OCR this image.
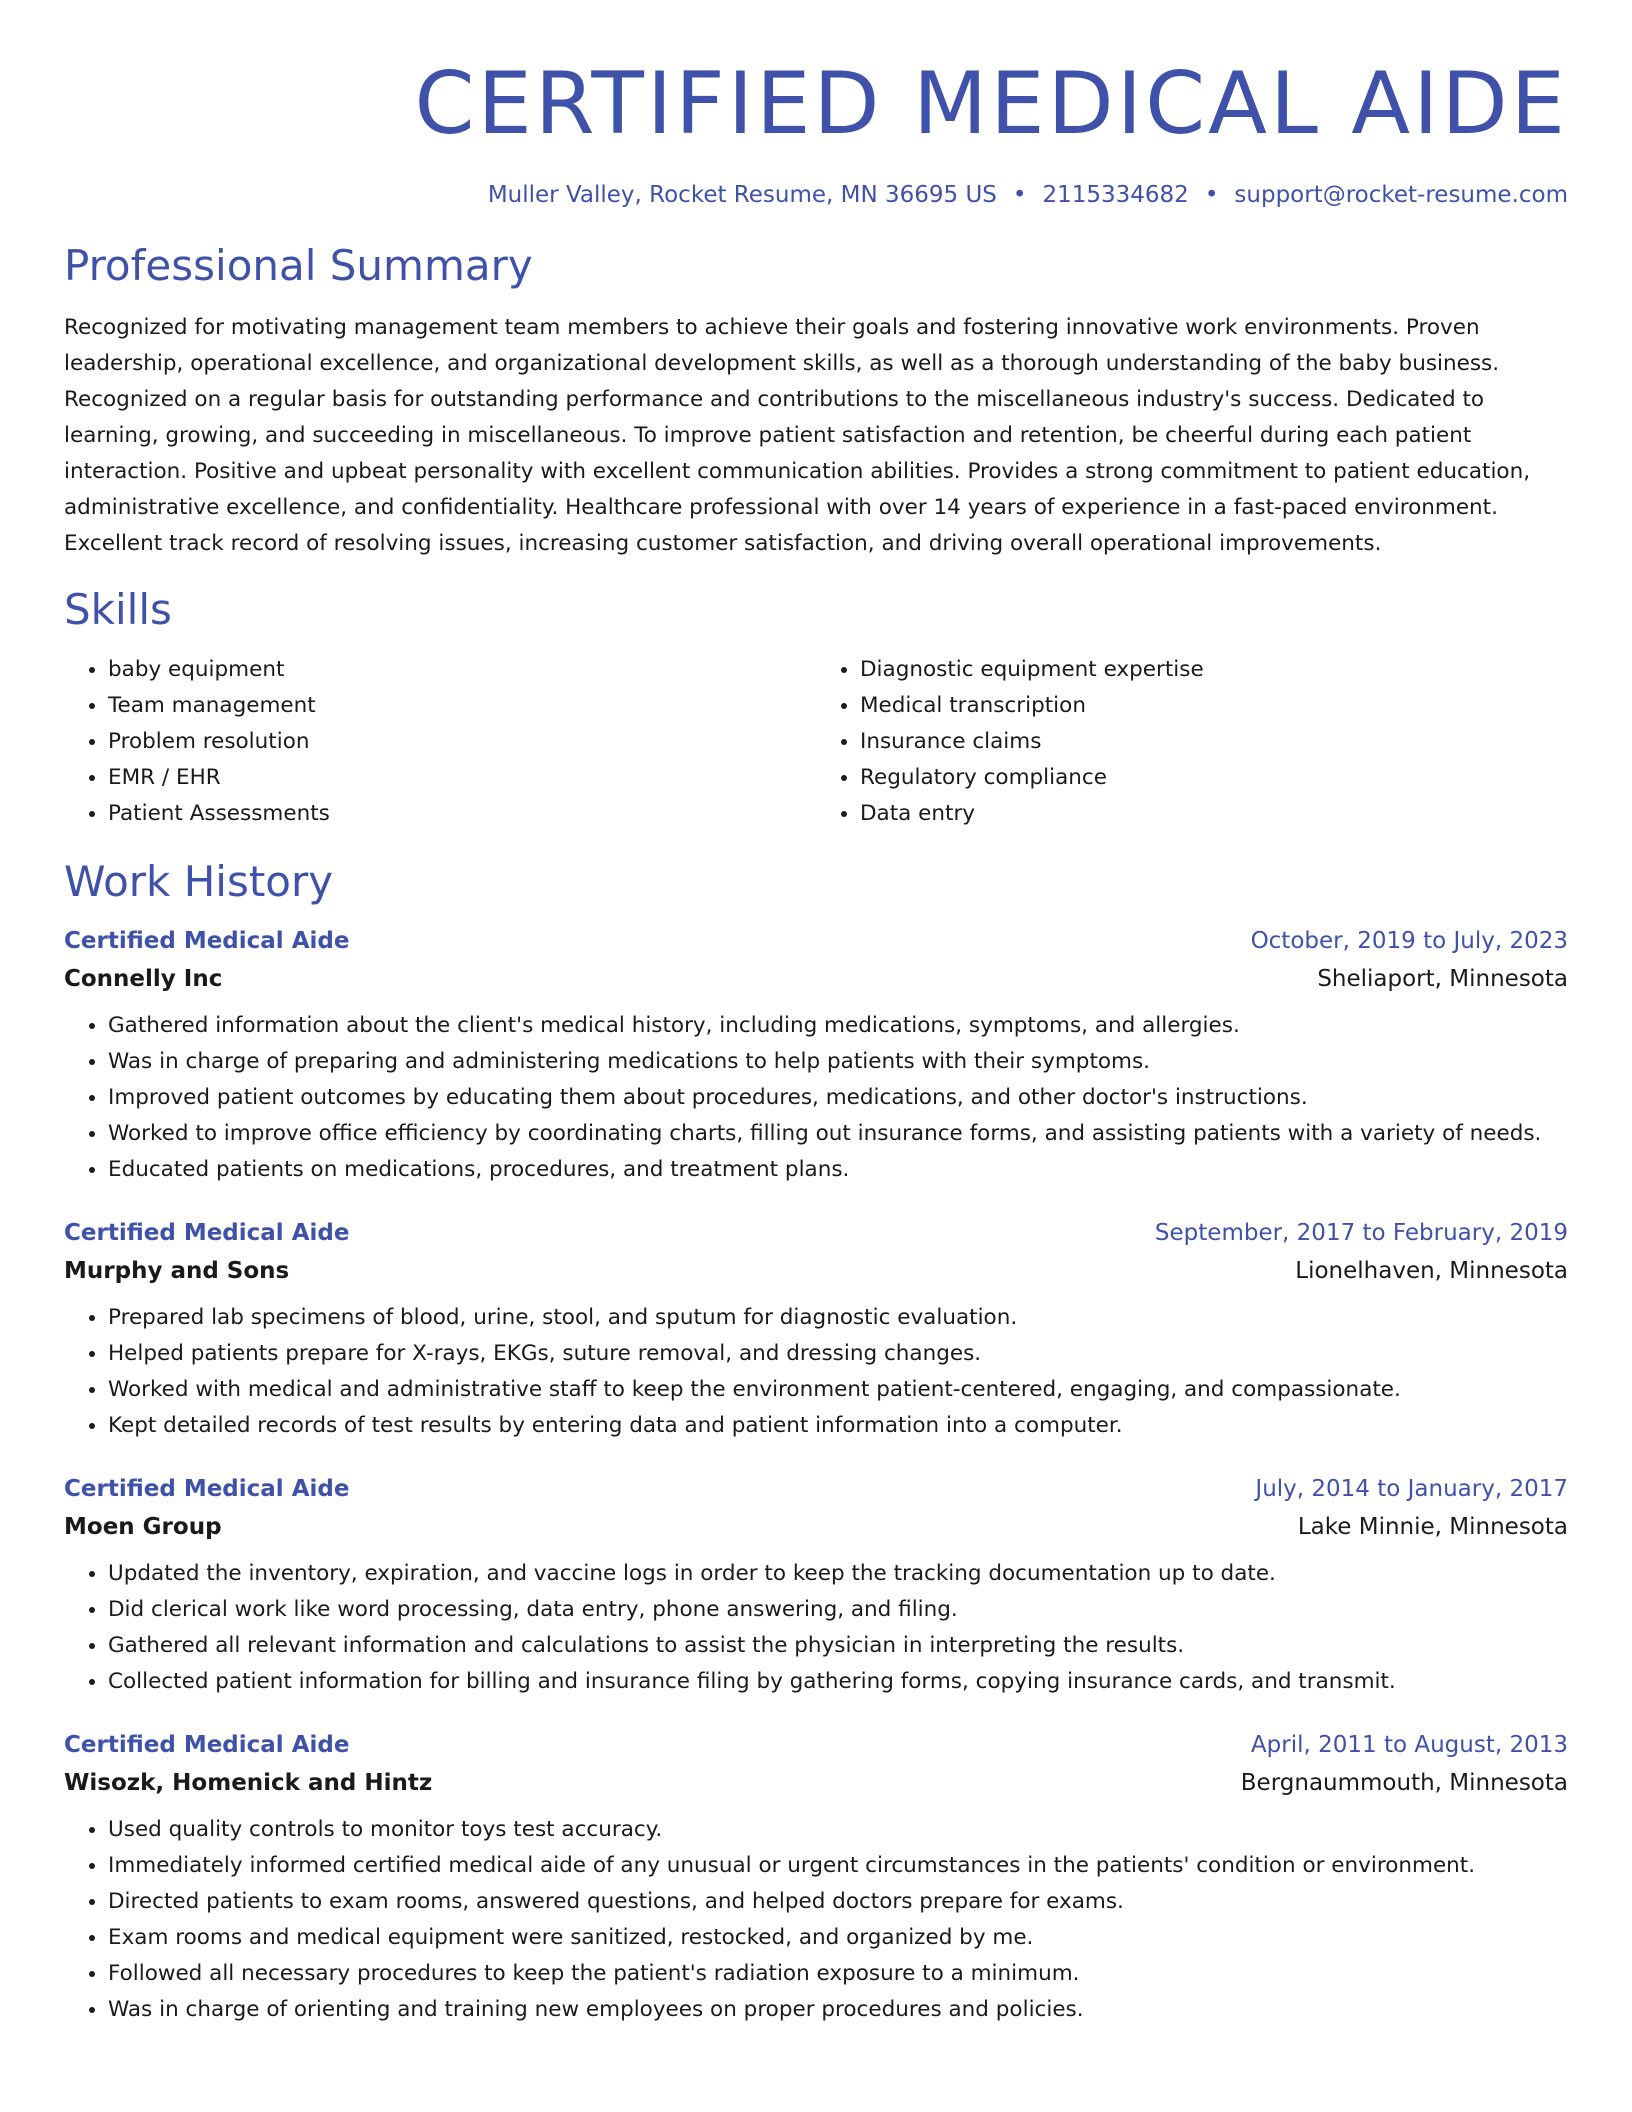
CERTIFIED MEDICAL AIDE
Muller Valley, Rocket Resume, MN 36695 US • 2115334682 • support@rocket-resume.com
Professional Summary

Recognized for motivating management team members to achieve their goals and fostering innovative work environments. Proven leadership, operational excellence, and organizational development skills, as well as a thorough understanding of the baby business. Recognized on a regular basis for outstanding performance and contributions to the miscellaneous industry's success. Dedicated to learning, growing, and succeeding in miscellaneous. To improve patient satisfaction and retention, be cheerful during each patient interaction. Positive and upbeat personality with excellent communication abilities. Provides a strong commitment to patient education, administrative excellence, and confidentiality. Healthcare professional with over 14 years of experience in a fast-paced environment. Excellent track record of resolving issues, increasing customer satisfaction, and driving overall operational improvements.

Skills
• baby equipment
• Team management
• Problem resolution
• EMR / EHR
• Patient Assessments
• Diagnostic equipment expertise
• Medical transcription
• Insurance claims
• Regulatory compliance
• Data entry
Work History
Certified Medical Aide	October, 2019 to July, 2023
Connelly Inc	Sheliaport, Minnesota
• Gathered information about the client's medical history, including medications, symptoms, and allergies.
• Was in charge of preparing and administering medications to help patients with their symptoms.
• Improved patient outcomes by educating them about procedures, medications, and other doctor's instructions.
• Worked to improve office efficiency by coordinating charts, filling out insurance forms, and assisting patients with a variety of needs.
• Educated patients on medications, procedures, and treatment plans.
Certified Medical Aide	September, 2017 to February, 2019
Murphy and Sons	Lionelhaven, Minnesota
• Prepared lab specimens of blood, urine, stool, and sputum for diagnostic evaluation.
• Helped patients prepare for X-rays, EKGs, suture removal, and dressing changes.
• Worked with medical and administrative staff to keep the environment patient-centered, engaging, and compassionate.
• Kept detailed records of test results by entering data and patient information into a computer.
Certified Medical Aide	July, 2014 to January, 2017
Moen Group	Lake Minnie, Minnesota
• Updated the inventory, expiration, and vaccine logs in order to keep the tracking documentation up to date.
• Did clerical work like word processing, data entry, phone answering, and filing.
• Gathered all relevant information and calculations to assist the physician in interpreting the results.
• Collected patient information for billing and insurance filing by gathering forms, copying insurance cards, and transmit.
Certified Medical Aide	April, 2011 to August, 2013
Wisozk, Homenick and Hintz	Bergnaummouth, Minnesota
• Used quality controls to monitor toys test accuracy.
• Immediately informed certified medical aide of any unusual or urgent circumstances in the patients' condition or environment.
• Directed patients to exam rooms, answered questions, and helped doctors prepare for exams.
• Exam rooms and medical equipment were sanitized, restocked, and organized by me.
• Followed all necessary procedures to keep the patient's radiation exposure to a minimum.
• Was in charge of orienting and training new employees on proper procedures and policies.
